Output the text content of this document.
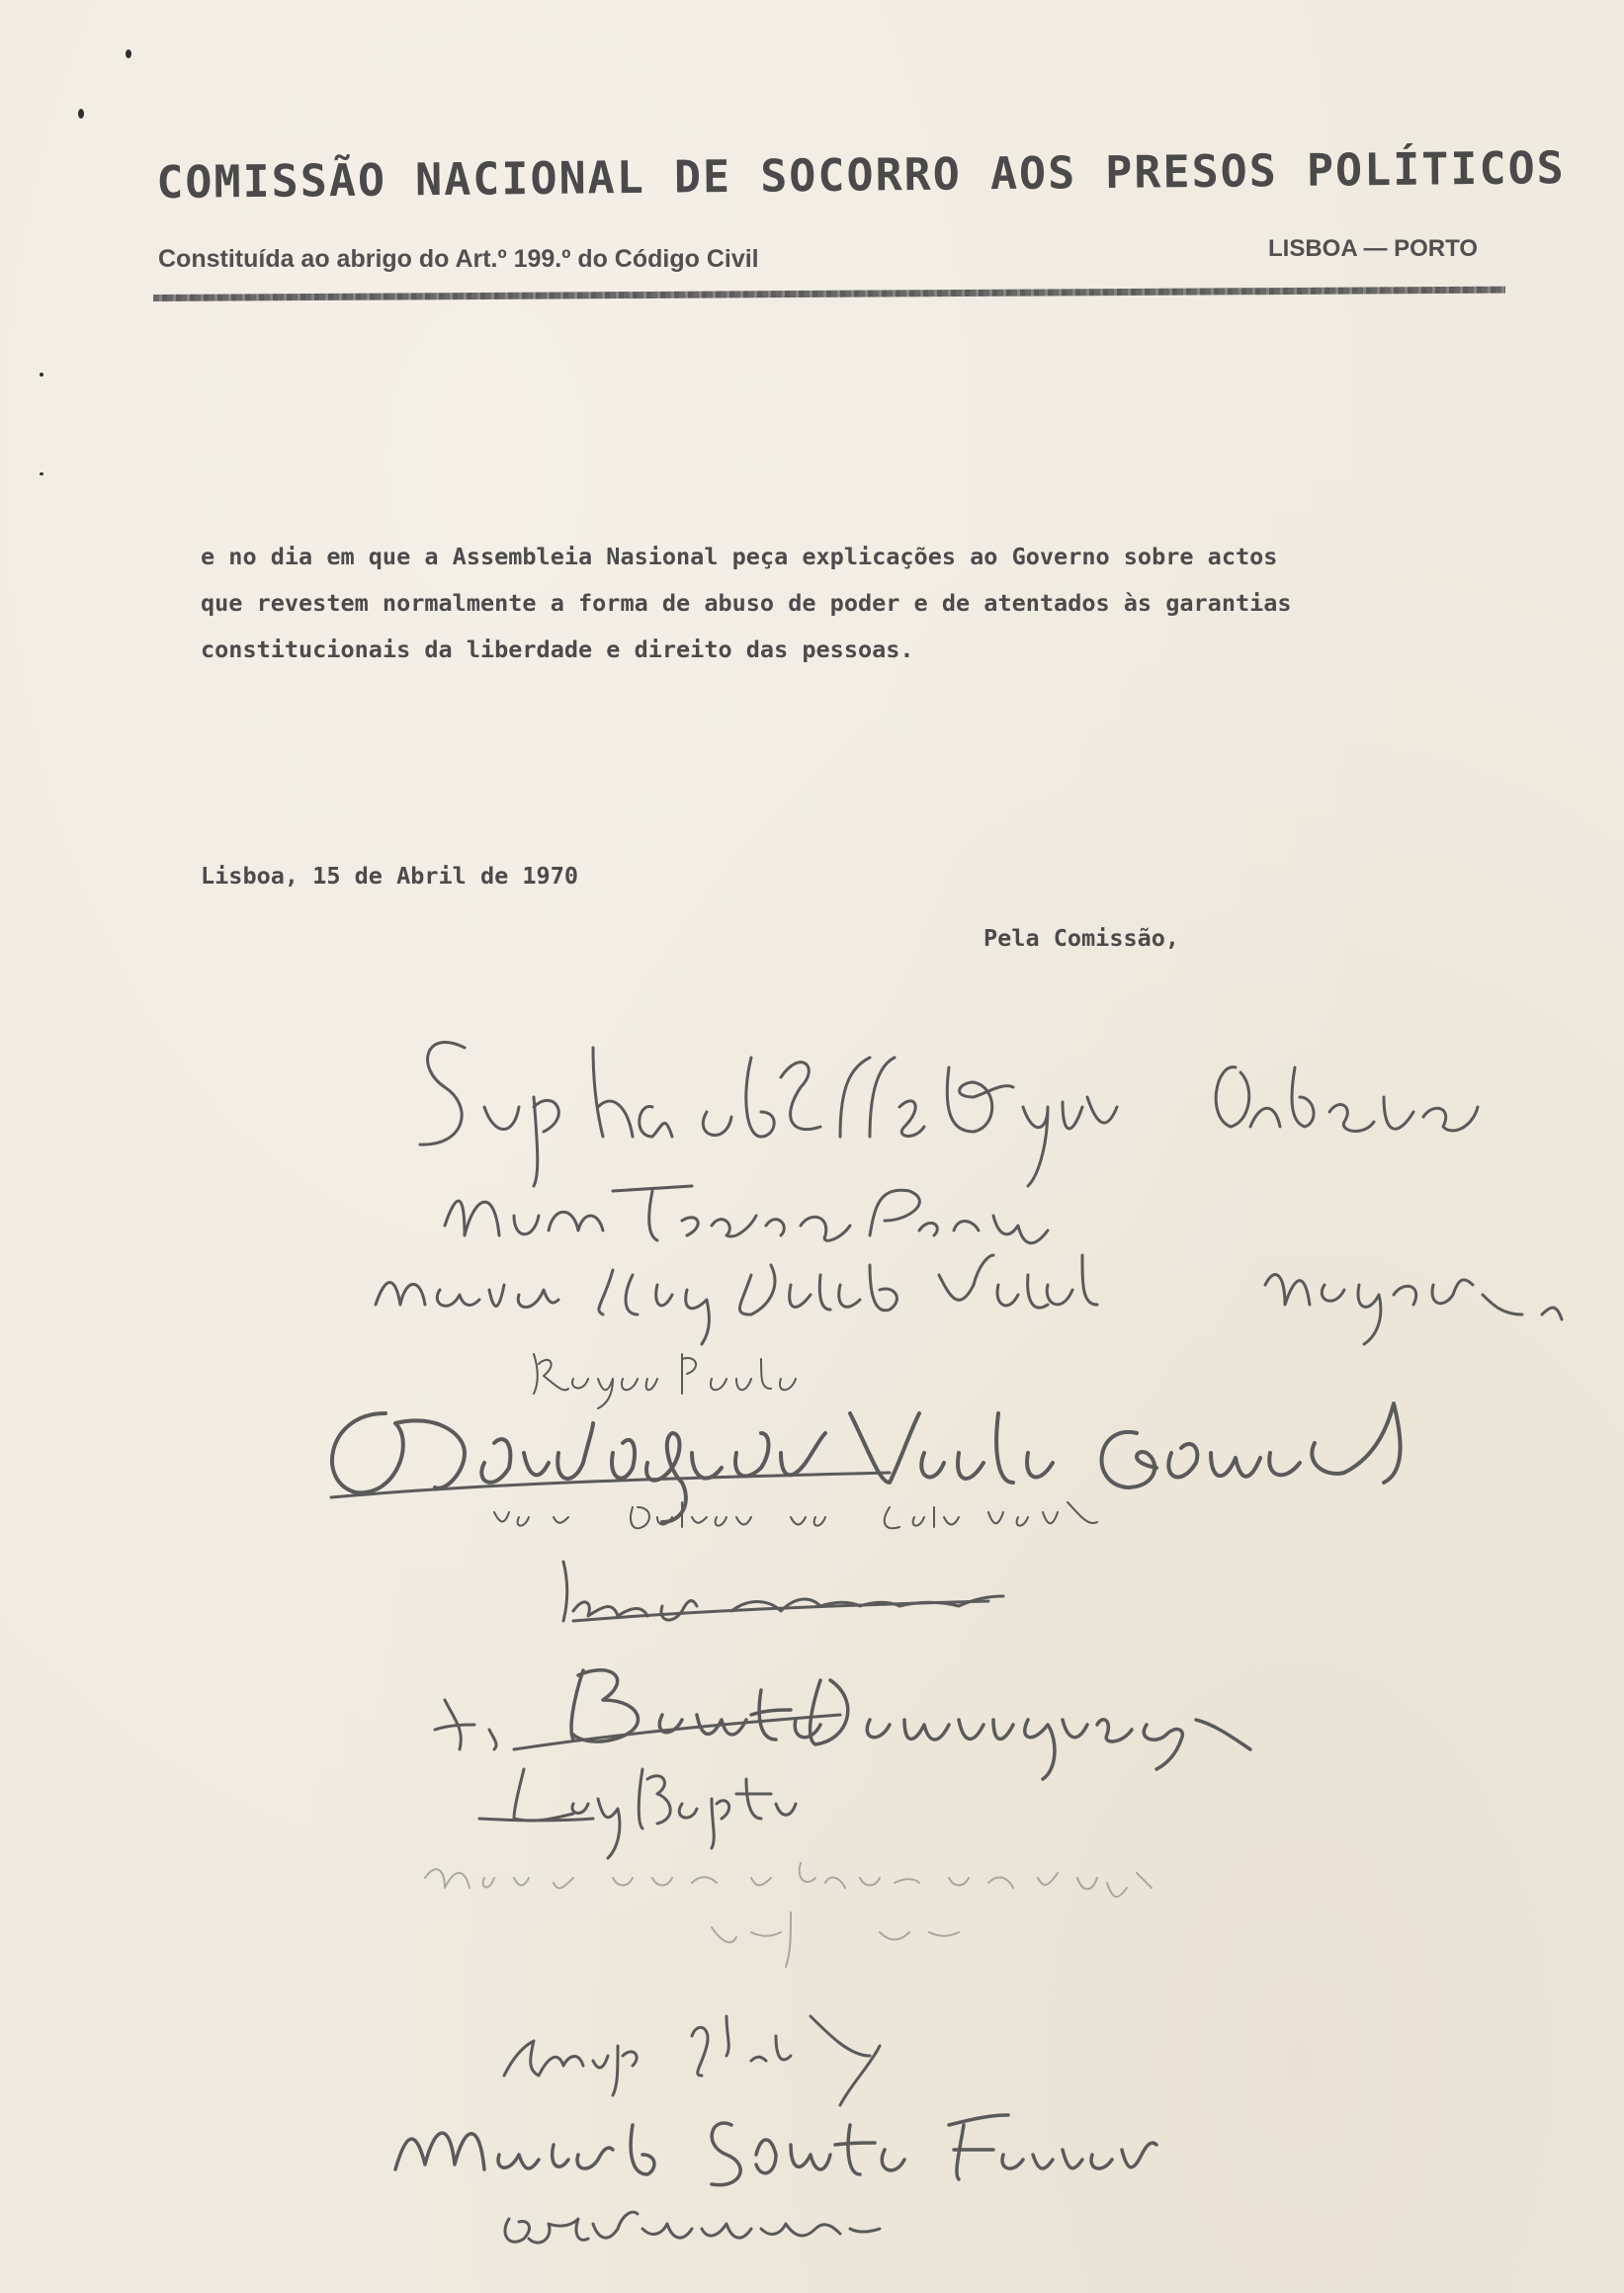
COMISSÃO NACIONAL DE SOCORRO AOS PRESOS POLÍTICOS
Constituída ao abrigo do Art.º 199.º do Código Civil	LISBOA — PORTO

e no dia em que a Assembleia Nasional peça explicações ao Governo sobre actos

que revestem normalmente a forma de abuso de poder e de atentados às garantias

constitucionais da liberdade e direito das pessoas.

Lisboa, 15 de Abril de 1970
Pela Comissão,
